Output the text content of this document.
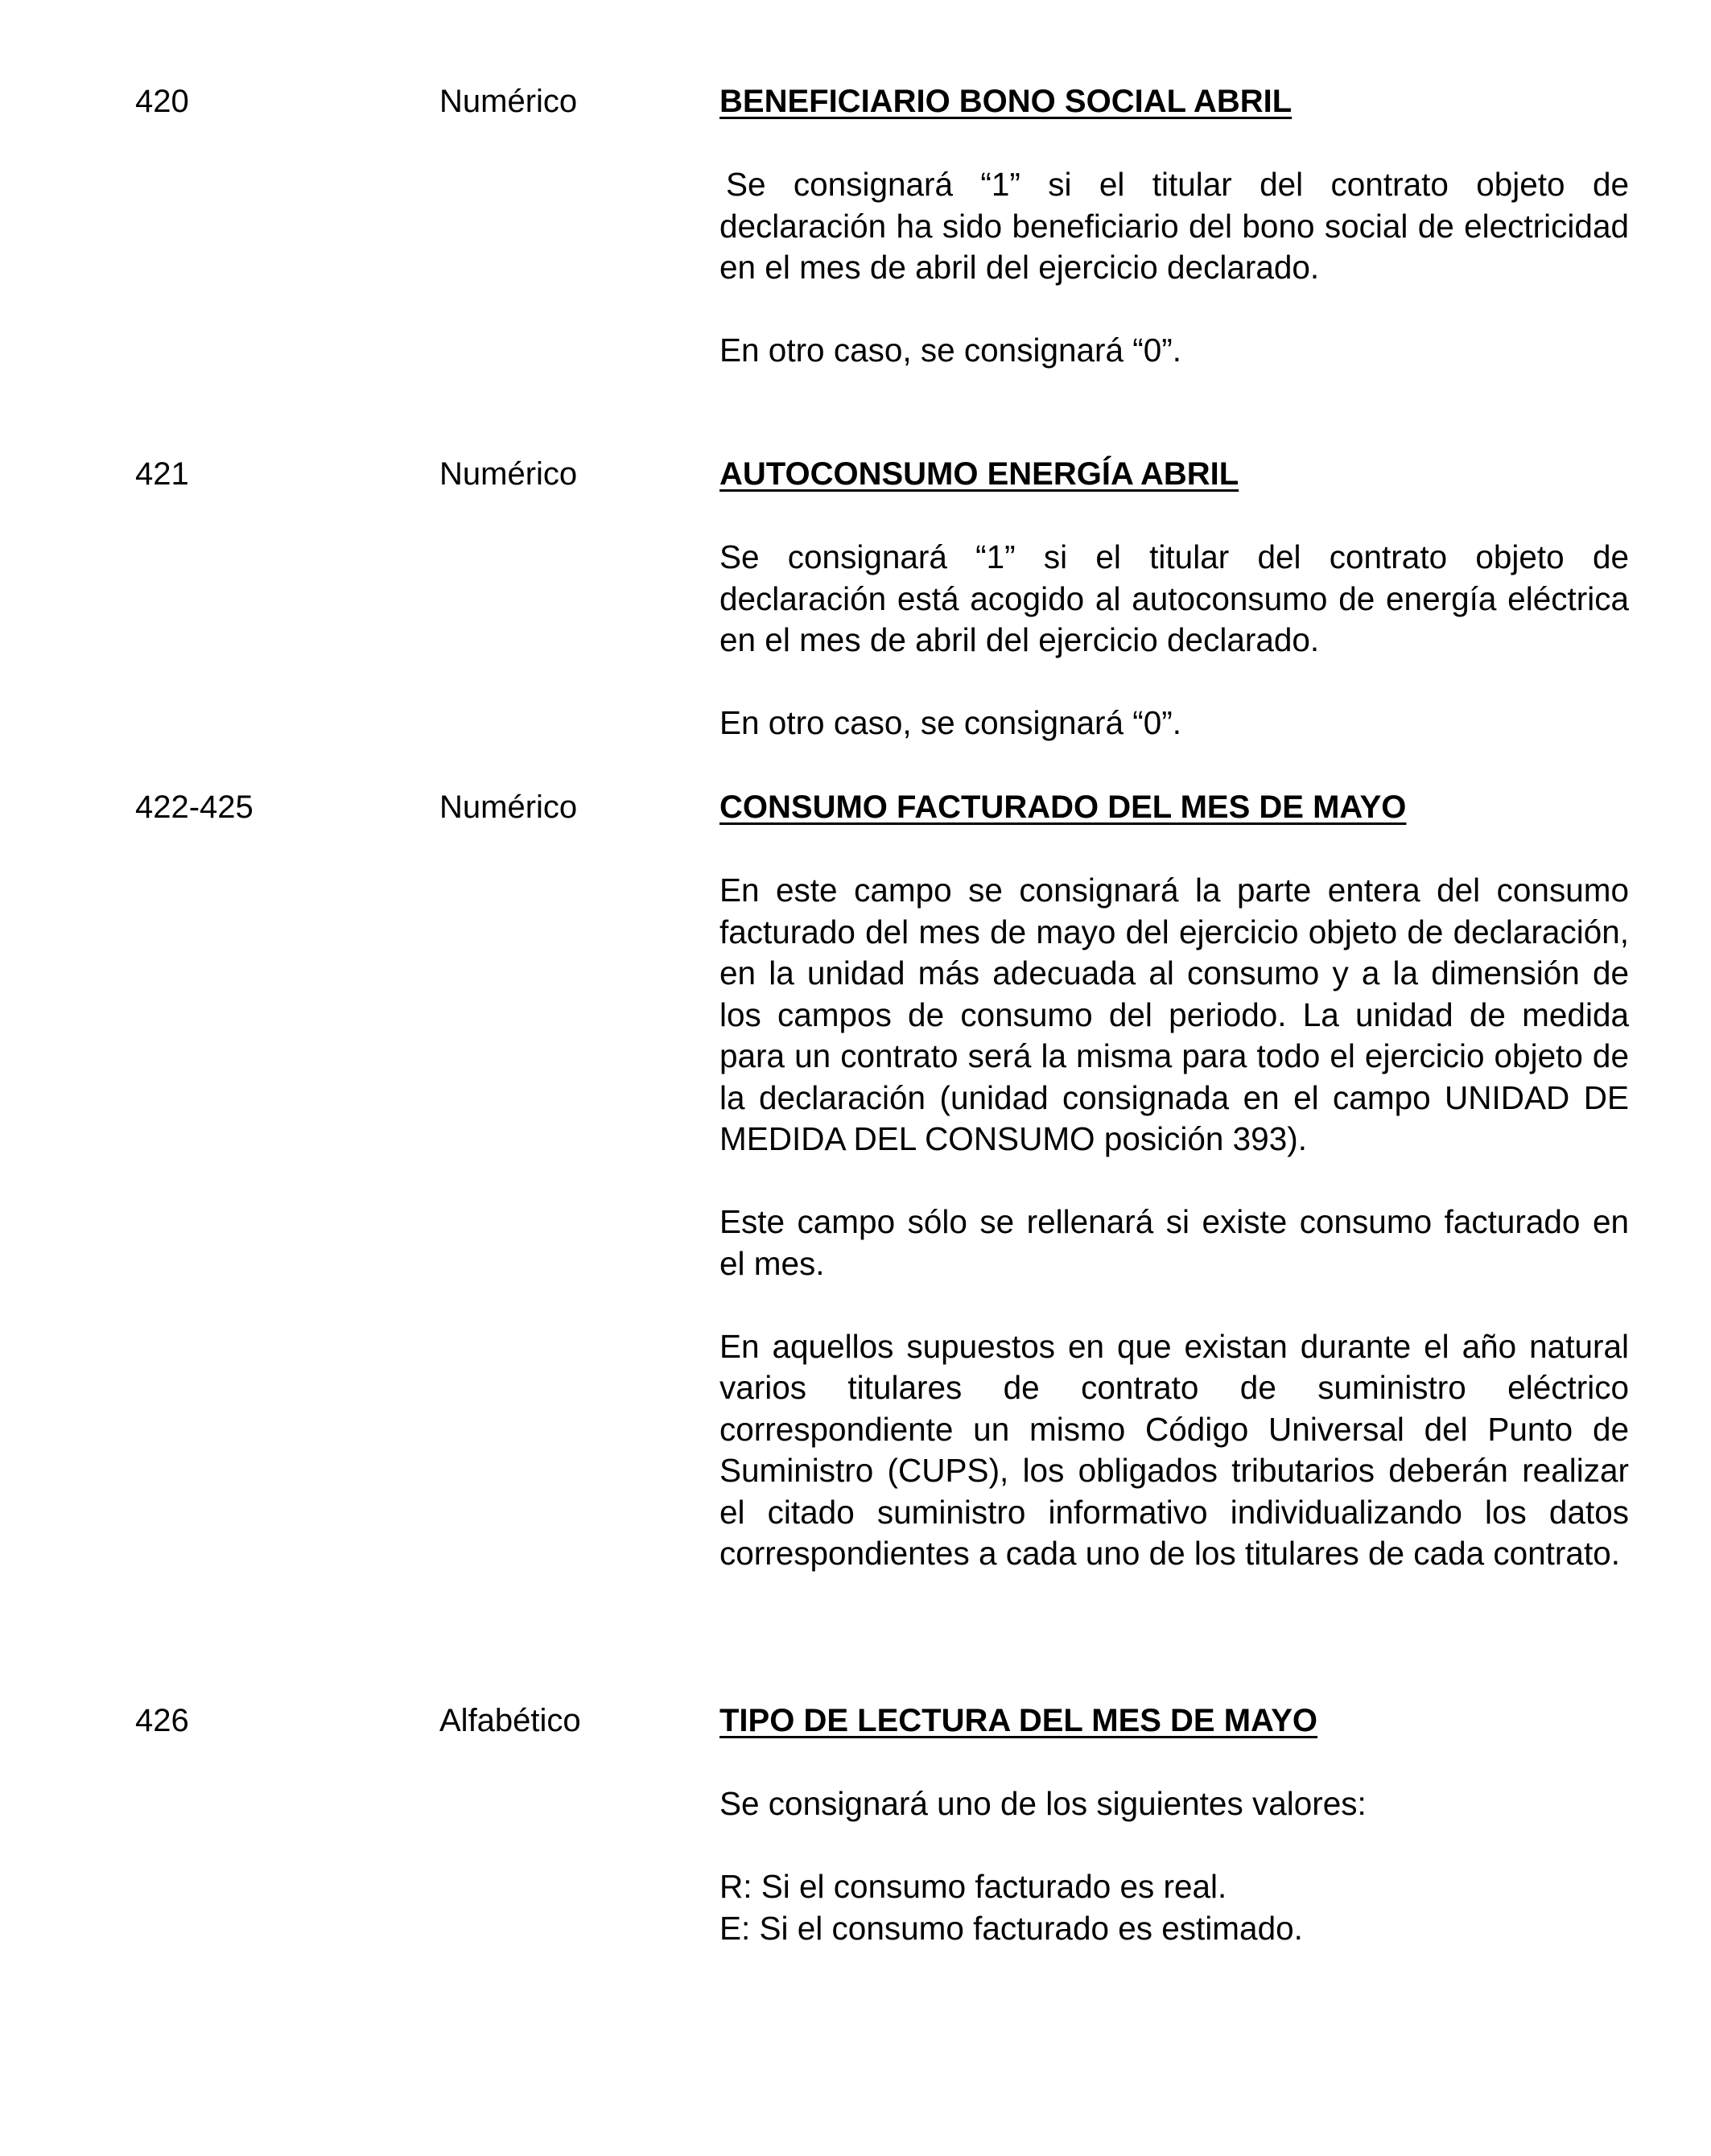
420	Numérico	BENEFICIARIO BONO SOCIAL ABRIL

Se consignará “1” si el titular del contrato objeto de declaración ha sido beneficiario del bono social de electricidad en el mes de abril del ejercicio declarado.

En otro caso, se consignará “0”.

421	Numérico	AUTOCONSUMO ENERGÍA ABRIL

Se consignará “1” si el titular del contrato objeto de declaración está acogido al autoconsumo de energía eléctrica en el mes de abril del ejercicio declarado.

En otro caso, se consignará “0”.

422-425	Numérico	CONSUMO FACTURADO DEL MES DE MAYO

En este campo se consignará la parte entera del consumo facturado del mes de mayo del ejercicio objeto de declaración, en la unidad más adecuada al consumo y a la dimensión de los campos de consumo del periodo. La unidad de medida para un contrato será la misma para todo el ejercicio objeto de la declaración (unidad consignada en el campo UNIDAD DE MEDIDA DEL CONSUMO posición 393).

Este campo sólo se rellenará si existe consumo facturado en el mes.

En aquellos supuestos en que existan durante el año natural varios titulares de contrato de suministro eléctrico correspondiente un mismo Código Universal del Punto de Suministro (CUPS), los obligados tributarios deberán realizar el citado suministro informativo individualizando los datos correspondientes a cada uno de los titulares de cada contrato.

426	Alfabético	TIPO DE LECTURA DEL MES DE MAYO

Se consignará uno de los siguientes valores:

R: Si el consumo facturado es real.

E: Si el consumo facturado es estimado.
